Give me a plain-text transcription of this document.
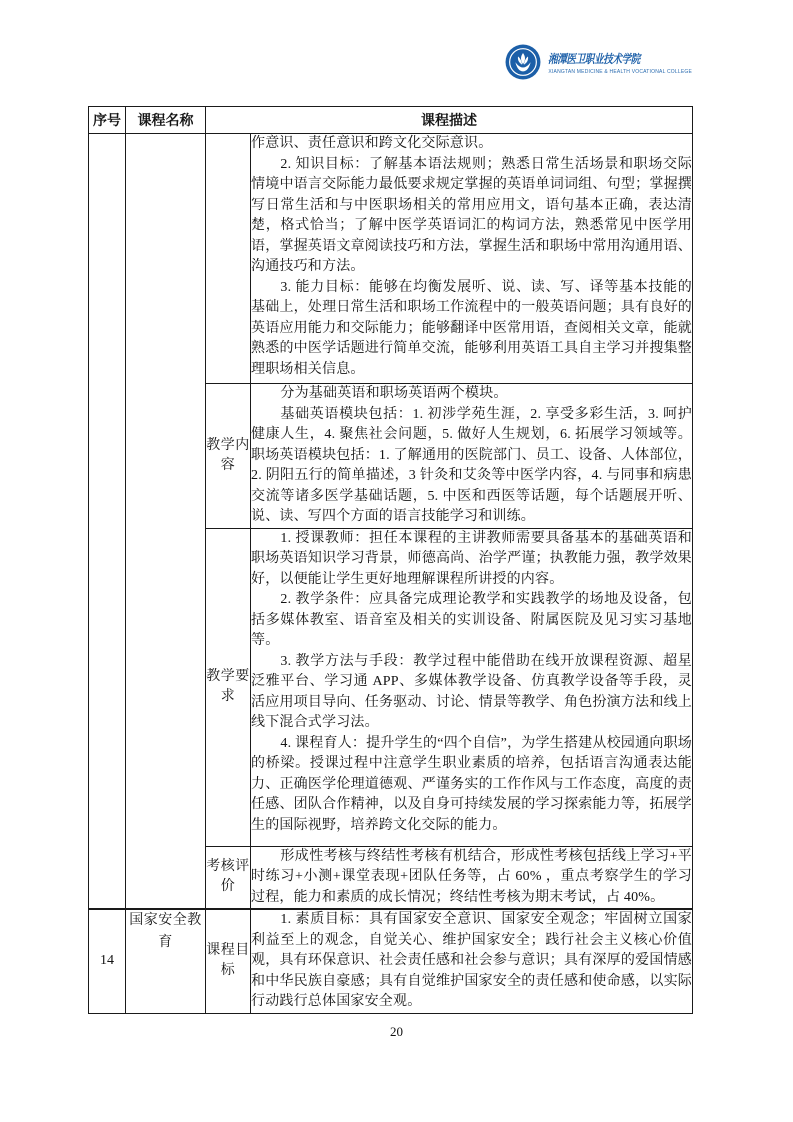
湘潭医卫职业技术学院
XIANGTAN MEDICINE & HEALTH VOCATIONAL COLLEGE
序号	课程名称	课程描述	

			作意识、责任意识和跨文化交际意识。

2. 知识目标：了解基本语法规则；熟悉日常生活场景和职场交际情境中语言交际能力最低要求规定掌握的英语单词词组、句型；掌握撰写日常生活和与中医职场相关的常用应用文，语句基本正确，表达清楚，格式恰当；了解中医学英语词汇的构词方法，熟悉常见中医学用语，掌握英语文章阅读技巧和方法，掌握生活和职场中常用沟通用语、沟通技巧和方法。

3. 能力目标：能够在均衡发展听、说、读、写、译等基本技能的基础上，处理日常生活和职场工作流程中的一般英语问题；具有良好的英语应用能力和交际能力；能够翻译中医常用语，查阅相关文章，能就熟悉的中医学话题进行简单交流，能够利用英语工具自主学习并搜集整理职场相关信息。

		教学内容	分为基础英语和职场英语两个模块。

基础英语模块包括：1. 初涉学苑生涯，2. 享受多彩生活，3. 呵护健康人生，4. 聚焦社会问题，5. 做好人生规划，6. 拓展学习领域等。职场英语模块包括：1. 了解通用的医院部门、员工、设备、人体部位，2. 阴阳五行的简单描述，3 针灸和艾灸等中医学内容，4. 与同事和病患交流等诸多医学基础话题，5. 中医和西医等话题，每个话题展开听、说、读、写四个方面的语言技能学习和训练。

		教学要求	1. 授课教师：担任本课程的主讲教师需要具备基本的基础英语和职场英语知识学习背景，师德高尚、治学严谨；执教能力强，教学效果好，以便能让学生更好地理解课程所讲授的内容。

2. 教学条件：应具备完成理论教学和实践教学的场地及设备，包括多媒体教室、语音室及相关的实训设备、附属医院及见习实习基地等。

3. 教学方法与手段：教学过程中能借助在线开放课程资源、超星泛雅平台、学习通 APP、多媒体教学设备、仿真教学设备等手段，灵活应用项目导向、任务驱动、讨论、情景等教学、角色扮演方法和线上线下混合式学习法。

4. 课程育人：提升学生的“四个自信”，为学生搭建从校园通向职场的桥梁。授课过程中注意学生职业素质的培养，包括语言沟通表达能力、正确医学伦理道德观、严谨务实的工作作风与工作态度，高度的责任感、团队合作精神，以及自身可持续发展的学习探索能力等，拓展学生的国际视野，培养跨文化交际的能力。

		考核评价	形成性考核与终结性考核有机结合，形成性考核包括线上学习+平时练习+小测+课堂表现+团队任务等，占 60% ，重点考察学生的学习过程，能力和素质的成长情况；终结性考核为期末考试，占 40%。

14	国家安全教育	课程目标	1. 素质目标：具有国家安全意识、国家安全观念；牢固树立国家利益至上的观念，自觉关心、维护国家安全；践行社会主义核心价值观，具有环保意识、社会责任感和社会参与意识；具有深厚的爱国情感和中华民族自豪感；具有自觉维护国家安全的责任感和使命感，以实际行动践行总体国家安全观。

20
